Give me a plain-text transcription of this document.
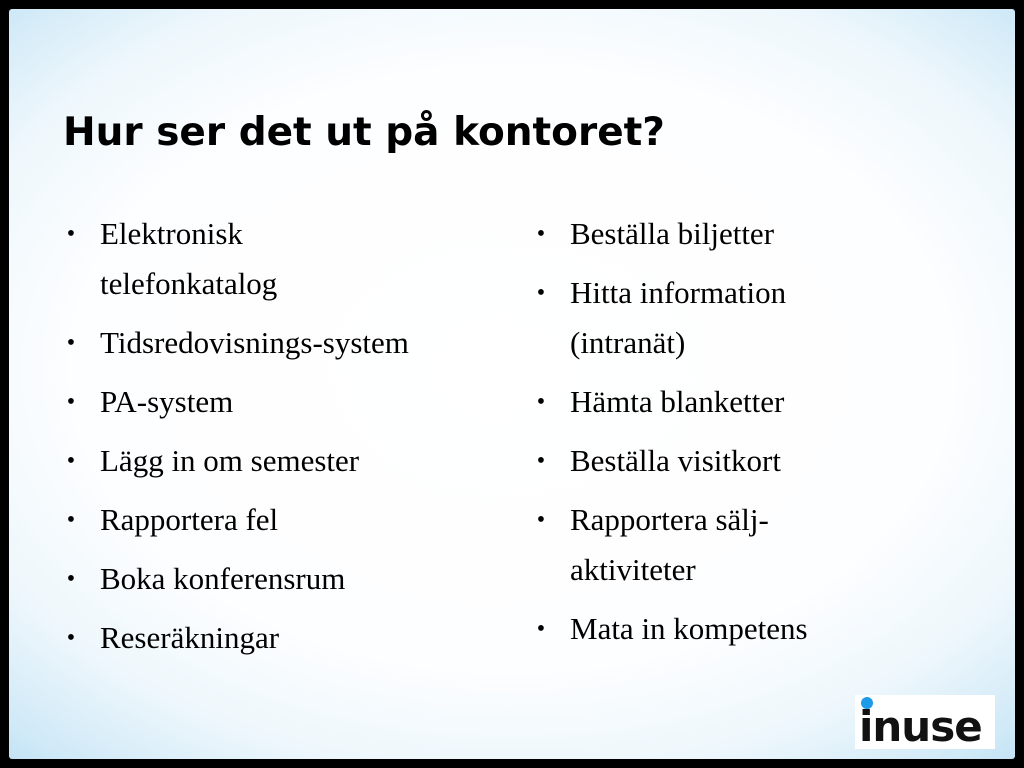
Hur ser det ut på kontoret?
• Elektronisk telefonkatalog
• Tidsredovisnings-system
• PA-system
• Lägg in om semester
• Rapportera fel
• Boka konferensrum
• Reseräkningar
• Beställa biljetter
• Hitta information (intranät)
• Hämta blanketter
• Beställa visitkort
• Rapportera sälj-aktiviteter
• Mata in kompetens
inuse
